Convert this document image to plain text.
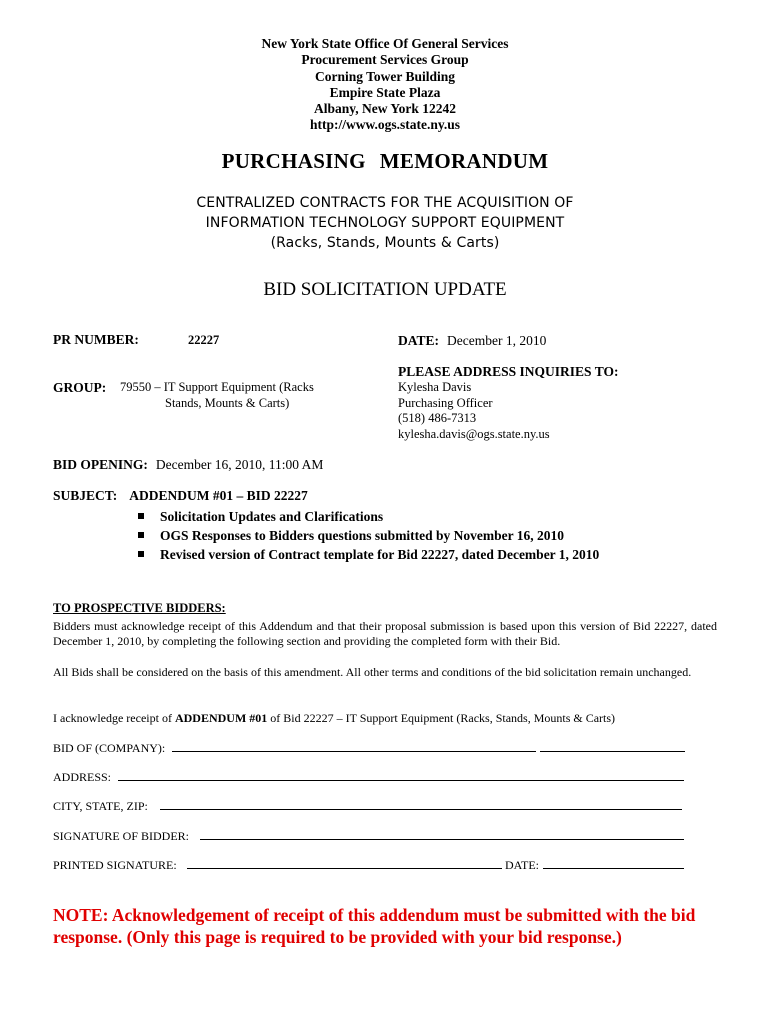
New York State Office Of General Services
Procurement Services Group
Corning Tower Building
Empire State Plaza
Albany, New York 12242
http://www.ogs.state.ny.us
PURCHASING MEMORANDUM
CENTRALIZED CONTRACTS FOR THE ACQUISITION OF
INFORMATION TECHNOLOGY SUPPORT EQUIPMENT
(Racks, Stands, Mounts & Carts)
BID SOLICITATION UPDATE
PR NUMBER:	22227	DATE: December 1, 2010
PLEASE ADDRESS INQUIRIES TO:
Kylesha Davis
Purchasing Officer
(518) 486-7313
kylesha.davis@ogs.state.ny.us
GROUP: 79550 – IT Support Equipment (Racks
Stands, Mounts & Carts)
BID OPENING: December 16, 2010, 11:00 AM
SUBJECT: ADDENDUM #01 – BID 22227
Solicitation Updates and Clarifications
OGS Responses to Bidders questions submitted by November 16, 2010
Revised version of Contract template for Bid 22227, dated December 1, 2010
TO PROSPECTIVE BIDDERS:
Bidders must acknowledge receipt of this Addendum and that their proposal submission is based upon this version of Bid 22227, dated December 1, 2010, by completing the following section and providing the completed form with their Bid.
All Bids shall be considered on the basis of this amendment. All other terms and conditions of the bid solicitation remain unchanged.
I acknowledge receipt of ADDENDUM #01 of Bid 22227 – IT Support Equipment (Racks, Stands, Mounts & Carts)
BID OF (COMPANY):
ADDRESS:
CITY, STATE, ZIP:
SIGNATURE OF BIDDER:
PRINTED SIGNATURE:	DATE:
NOTE: Acknowledgement of receipt of this addendum must be submitted with the bid
response. (Only this page is required to be provided with your bid response.)
